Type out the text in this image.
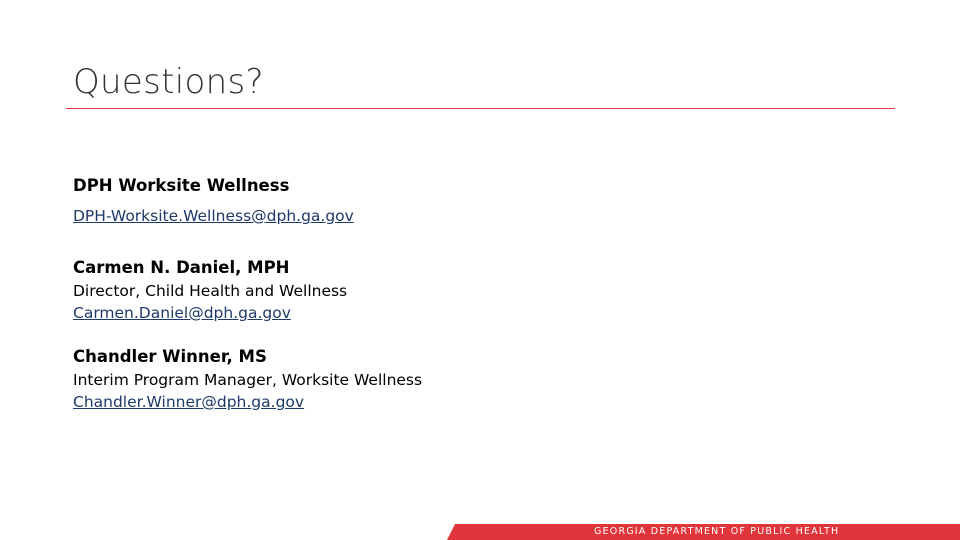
Questions?
DPH Worksite Wellness
DPH-Worksite.Wellness@dph.ga.gov
Carmen N. Daniel, MPH
Director, Child Health and Wellness
Carmen.Daniel@dph.ga.gov
Chandler Winner, MS
Interim Program Manager, Worksite Wellness
Chandler.Winner@dph.ga.gov
GEORGIA DEPARTMENT OF PUBLIC HEALTH
